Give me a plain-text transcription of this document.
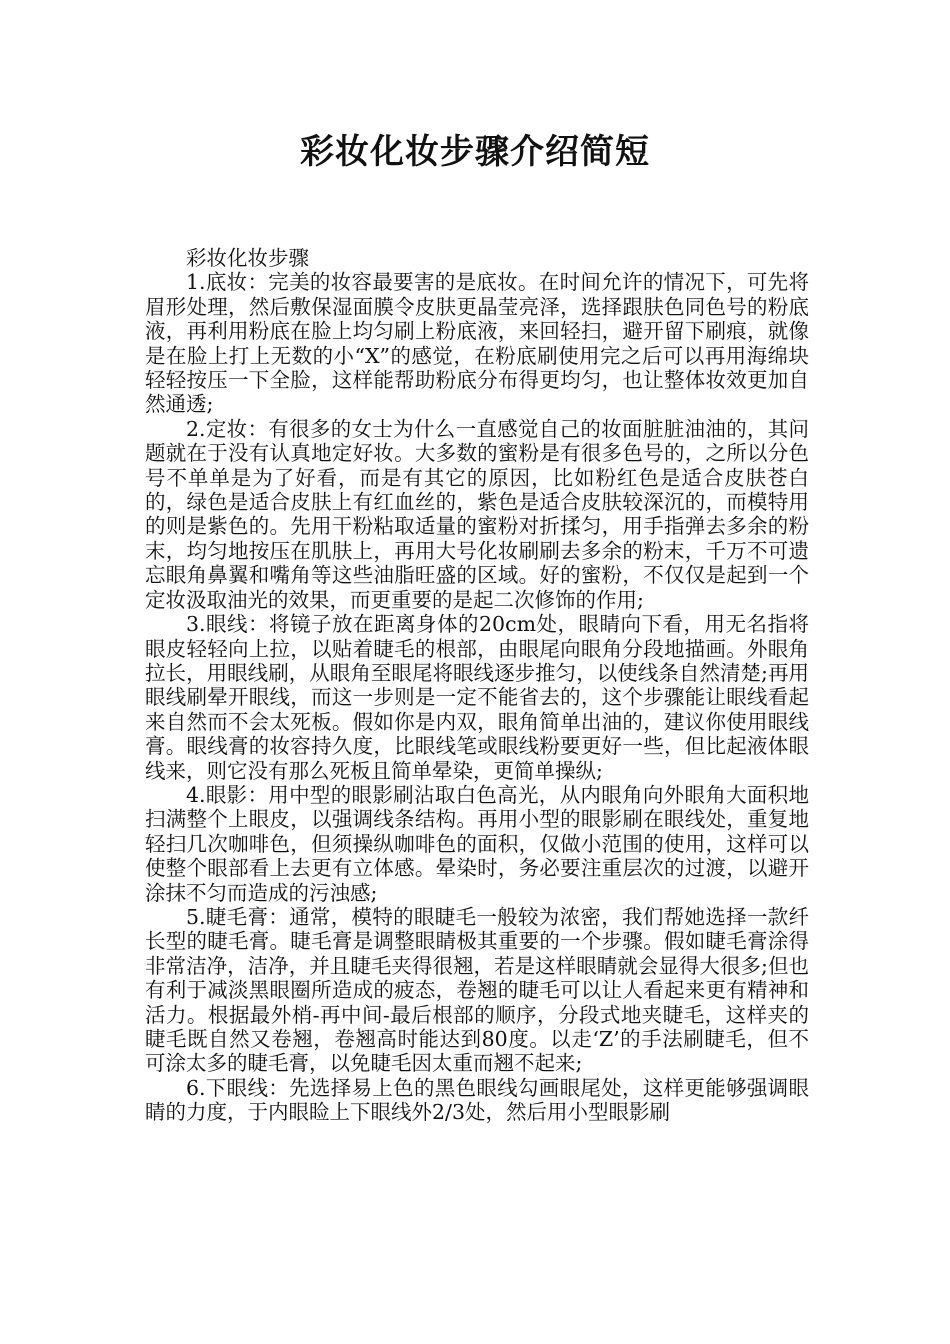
彩妆化妆步骤介绍简短

彩妆化妆步骤

1.底妆：完美的妆容最要害的是底妆。在时间允许的情况下，可先将眉形处理，然后敷保湿面膜令皮肤更晶莹亮泽，选择跟肤色同色号的粉底液，再利用粉底在脸上均匀刷上粉底液，来回轻扫，避开留下刷痕，就像是在脸上打上无数的小“X”的感觉，在粉底刷使用完之后可以再用海绵块轻轻按压一下全脸，这样能帮助粉底分布得更均匀，也让整体妆效更加自然通透;

2.定妆：有很多的女士为什么一直感觉自己的妆面脏脏油油的，其问题就在于没有认真地定好妆。大多数的蜜粉是有很多色号的，之所以分色号不单单是为了好看，而是有其它的原因，比如粉红色是适合皮肤苍白的，绿色是适合皮肤上有红血丝的，紫色是适合皮肤较深沉的，而模特用的则是紫色的。先用干粉粘取适量的蜜粉对折揉匀，用手指弹去多余的粉末，均匀地按压在肌肤上，再用大号化妆刷刷去多余的粉末，千万不可遗忘眼角鼻翼和嘴角等这些油脂旺盛的区域。好的蜜粉，不仅仅是起到一个定妆汲取油光的效果，而更重要的是起二次修饰的作用;

3.眼线：将镜子放在距离身体的20cm处，眼睛向下看，用无名指将眼皮轻轻向上拉，以贴着睫毛的根部，由眼尾向眼角分段地描画。外眼角拉长，用眼线刷，从眼角至眼尾将眼线逐步推匀，以使线条自然清楚;再用眼线刷晕开眼线，而这一步则是一定不能省去的，这个步骤能让眼线看起来自然而不会太死板。假如你是内双，眼角简单出油的，建议你使用眼线膏。眼线膏的妆容持久度，比眼线笔或眼线粉要更好一些，但比起液体眼线来，则它没有那么死板且简单晕染，更简单操纵;

4.眼影：用中型的眼影刷沾取白色高光，从内眼角向外眼角大面积地扫满整个上眼皮，以强调线条结构。再用小型的眼影刷在眼线处，重复地轻扫几次咖啡色，但须操纵咖啡色的面积，仅做小范围的使用，这样可以使整个眼部看上去更有立体感。晕染时，务必要注重层次的过渡，以避开涂抹不匀而造成的污浊感;

5.睫毛膏：通常，模特的眼睫毛一般较为浓密，我们帮她选择一款纤长型的睫毛膏。睫毛膏是调整眼睛极其重要的一个步骤。假如睫毛膏涂得非常洁净，洁净，并且睫毛夹得很翘，若是这样眼睛就会显得大很多;但也有利于减淡黑眼圈所造成的疲态，卷翘的睫毛可以让人看起来更有精神和活力。根据最外梢-再中间-最后根部的顺序，分段式地夹睫毛，这样夹的睫毛既自然又卷翘，卷翘高时能达到80度。以走‘Z’的手法刷睫毛，但不可涂太多的睫毛膏，以免睫毛因太重而翘不起来;

6.下眼线：先选择易上色的黑色眼线勾画眼尾处，这样更能够强调眼睛的力度，于内眼睑上下眼线外2/3处，然后用小型眼影刷
